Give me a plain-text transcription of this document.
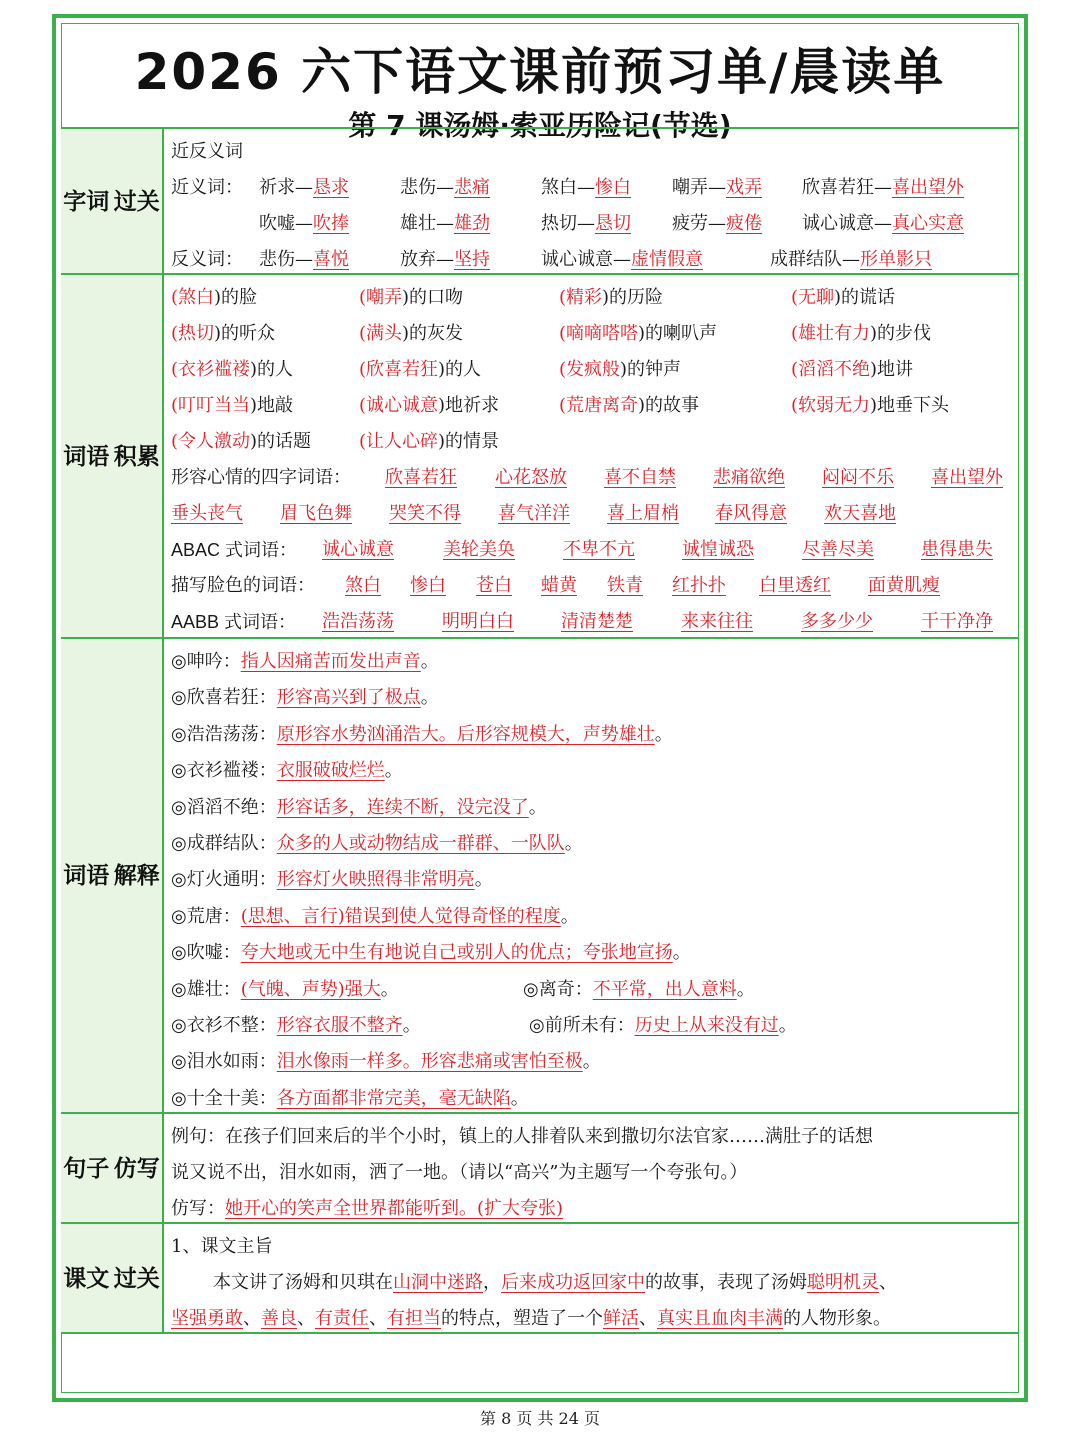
2026 六下语文课前预习单/晨读单
第 7 课汤姆·索亚历险记(节选)
字词 过关
近反义词
近义词： 祈求—恳求	悲伤—悲痛	煞白—惨白 嘲弄—戏弄 欣喜若狂—喜出望外
吹嘘—吹捧	雄壮—雄劲	热切—恳切 疲劳—疲倦 诚心诚意—真心实意
反义词： 悲伤—喜悦	放弃—坚持	诚心诚意—虚情假意	成群结队—形单影只
词语 积累
(煞白)的脸	(嘲弄)的口吻	(精彩)的历险	(无聊)的谎话
(热切)的听众	(满头)的灰发	(嘀嘀嗒嗒)的喇叭声	(雄壮有力)的步伐
(衣衫褴褛)的人	(欣喜若狂)的人	(发疯般)的钟声	(滔滔不绝)地讲
(叮叮当当)地敲	(诚心诚意)地祈求	(荒唐离奇)的故事	(软弱无力)地垂下头
(令人激动)的话题	(让人心碎)的情景
形容心情的四字词语： 欣喜若狂 心花怒放 喜不自禁 悲痛欲绝 闷闷不乐 喜出望外
垂头丧气 眉飞色舞 哭笑不得 喜气洋洋 喜上眉梢 春风得意 欢天喜地
ABAC 式词语： 诚心诚意	美轮美奂	不卑不亢	诚惶诚恐	尽善尽美	患得患失
描写脸色的词语： 煞白 惨白 苍白 蜡黄 铁青 红扑扑 白里透红 面黄肌瘦
AABB 式词语： 浩浩荡荡	明明白白	清清楚楚	来来往往	多多少少	干干净净
词语 解释
◎呻吟：指人因痛苦而发出声音。
◎欣喜若狂：形容高兴到了极点。
◎浩浩荡荡：原形容水势汹涌浩大。后形容规模大，声势雄壮。
◎衣衫褴褛：衣服破破烂烂。
◎滔滔不绝：形容话多，连续不断，没完没了。
◎成群结队：众多的人或动物结成一群群、一队队。
◎灯火通明：形容灯火映照得非常明亮。
◎荒唐：(思想、言行)错误到使人觉得奇怪的程度。
◎吹嘘：夸大地或无中生有地说自己或别人的优点；夸张地宣扬。
◎雄壮：(气魄、声势)强大。	◎离奇：不平常，出人意料。
◎衣衫不整：形容衣服不整齐。	◎前所未有：历史上从来没有过。
◎泪水如雨：泪水像雨一样多。形容悲痛或害怕至极。
◎十全十美：各方面都非常完美，毫无缺陷。
句子 仿写
例句：在孩子们回来后的半个小时，镇上的人排着队来到撒切尔法官家……满肚子的话想
说又说不出，泪水如雨，洒了一地。（请以“高兴”为主题写一个夸张句。）
仿写：她开心的笑声全世界都能听到。(扩大夸张)
课文 过关
1、课文主旨
本文讲了汤姆和贝琪在山洞中迷路，后来成功返回家中的故事，表现了汤姆聪明机灵、
坚强勇敢、善良、有责任、有担当的特点，塑造了一个鲜活、真实且血肉丰满的人物形象。
第 8 页 共 24 页
